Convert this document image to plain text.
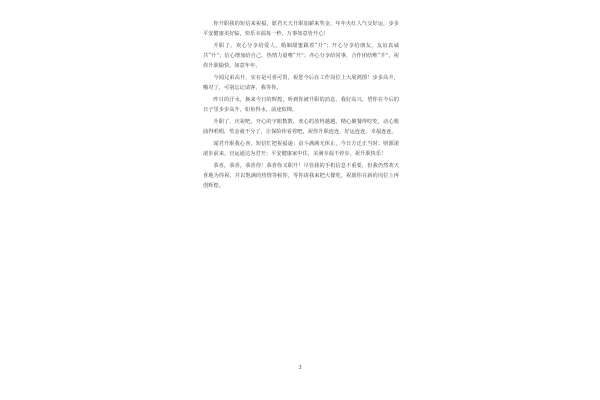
你升职我的短信来祝福，愿君天天升职加薪来奖金，年年火红人气交好运，步步平安健康美好临，快乐幸福每一秒，万事如意皆开心！

升职了，欢心分享给爱人，婚姻甜蜜跟着“升”；开心分享给朋友，友谊真诚共“升”；信心增加给自己，热情力量唯“升”；齐心分享给同事，合作团结唯“升”，祝你升职愉快，如意年年。

今闻兄弟高升，实在是可喜可贺，祝您今后在工作岗位上大展鸿图！步步高升，哦对了，可别忘记请客，我等你。

昨日的汗水，换来今日的辉煌，听到你被升职的消息，我好高兴，望你在今后的日子里步步高升，如鱼得水，前途似锦。

升职了，庆祝吧，开心的字眼数数，欢心的放得越越，精心聚餐得吃吃，动心歌曲得唱唱，奖金就不分了，让保险柜看着吧，祝你升职连连，好运连连，幸福连连。

闻君升职我心喜，短信忙把祝福递：奋斗满满无休止，今日方迁正当时；财源滚滚步前来，官运通达为君开；平安健康家中住，美满幸福不停步。祝升职快乐！

恭喜，恭喜，恭喜你！恭喜你又职升！尽管我的手机信息不重要，但我仍然欢天喜地为你祝，并以饱满的热情等候你，等你请我来把大餐吃，祝愿你在新的岗位上再创辉煌。

3
